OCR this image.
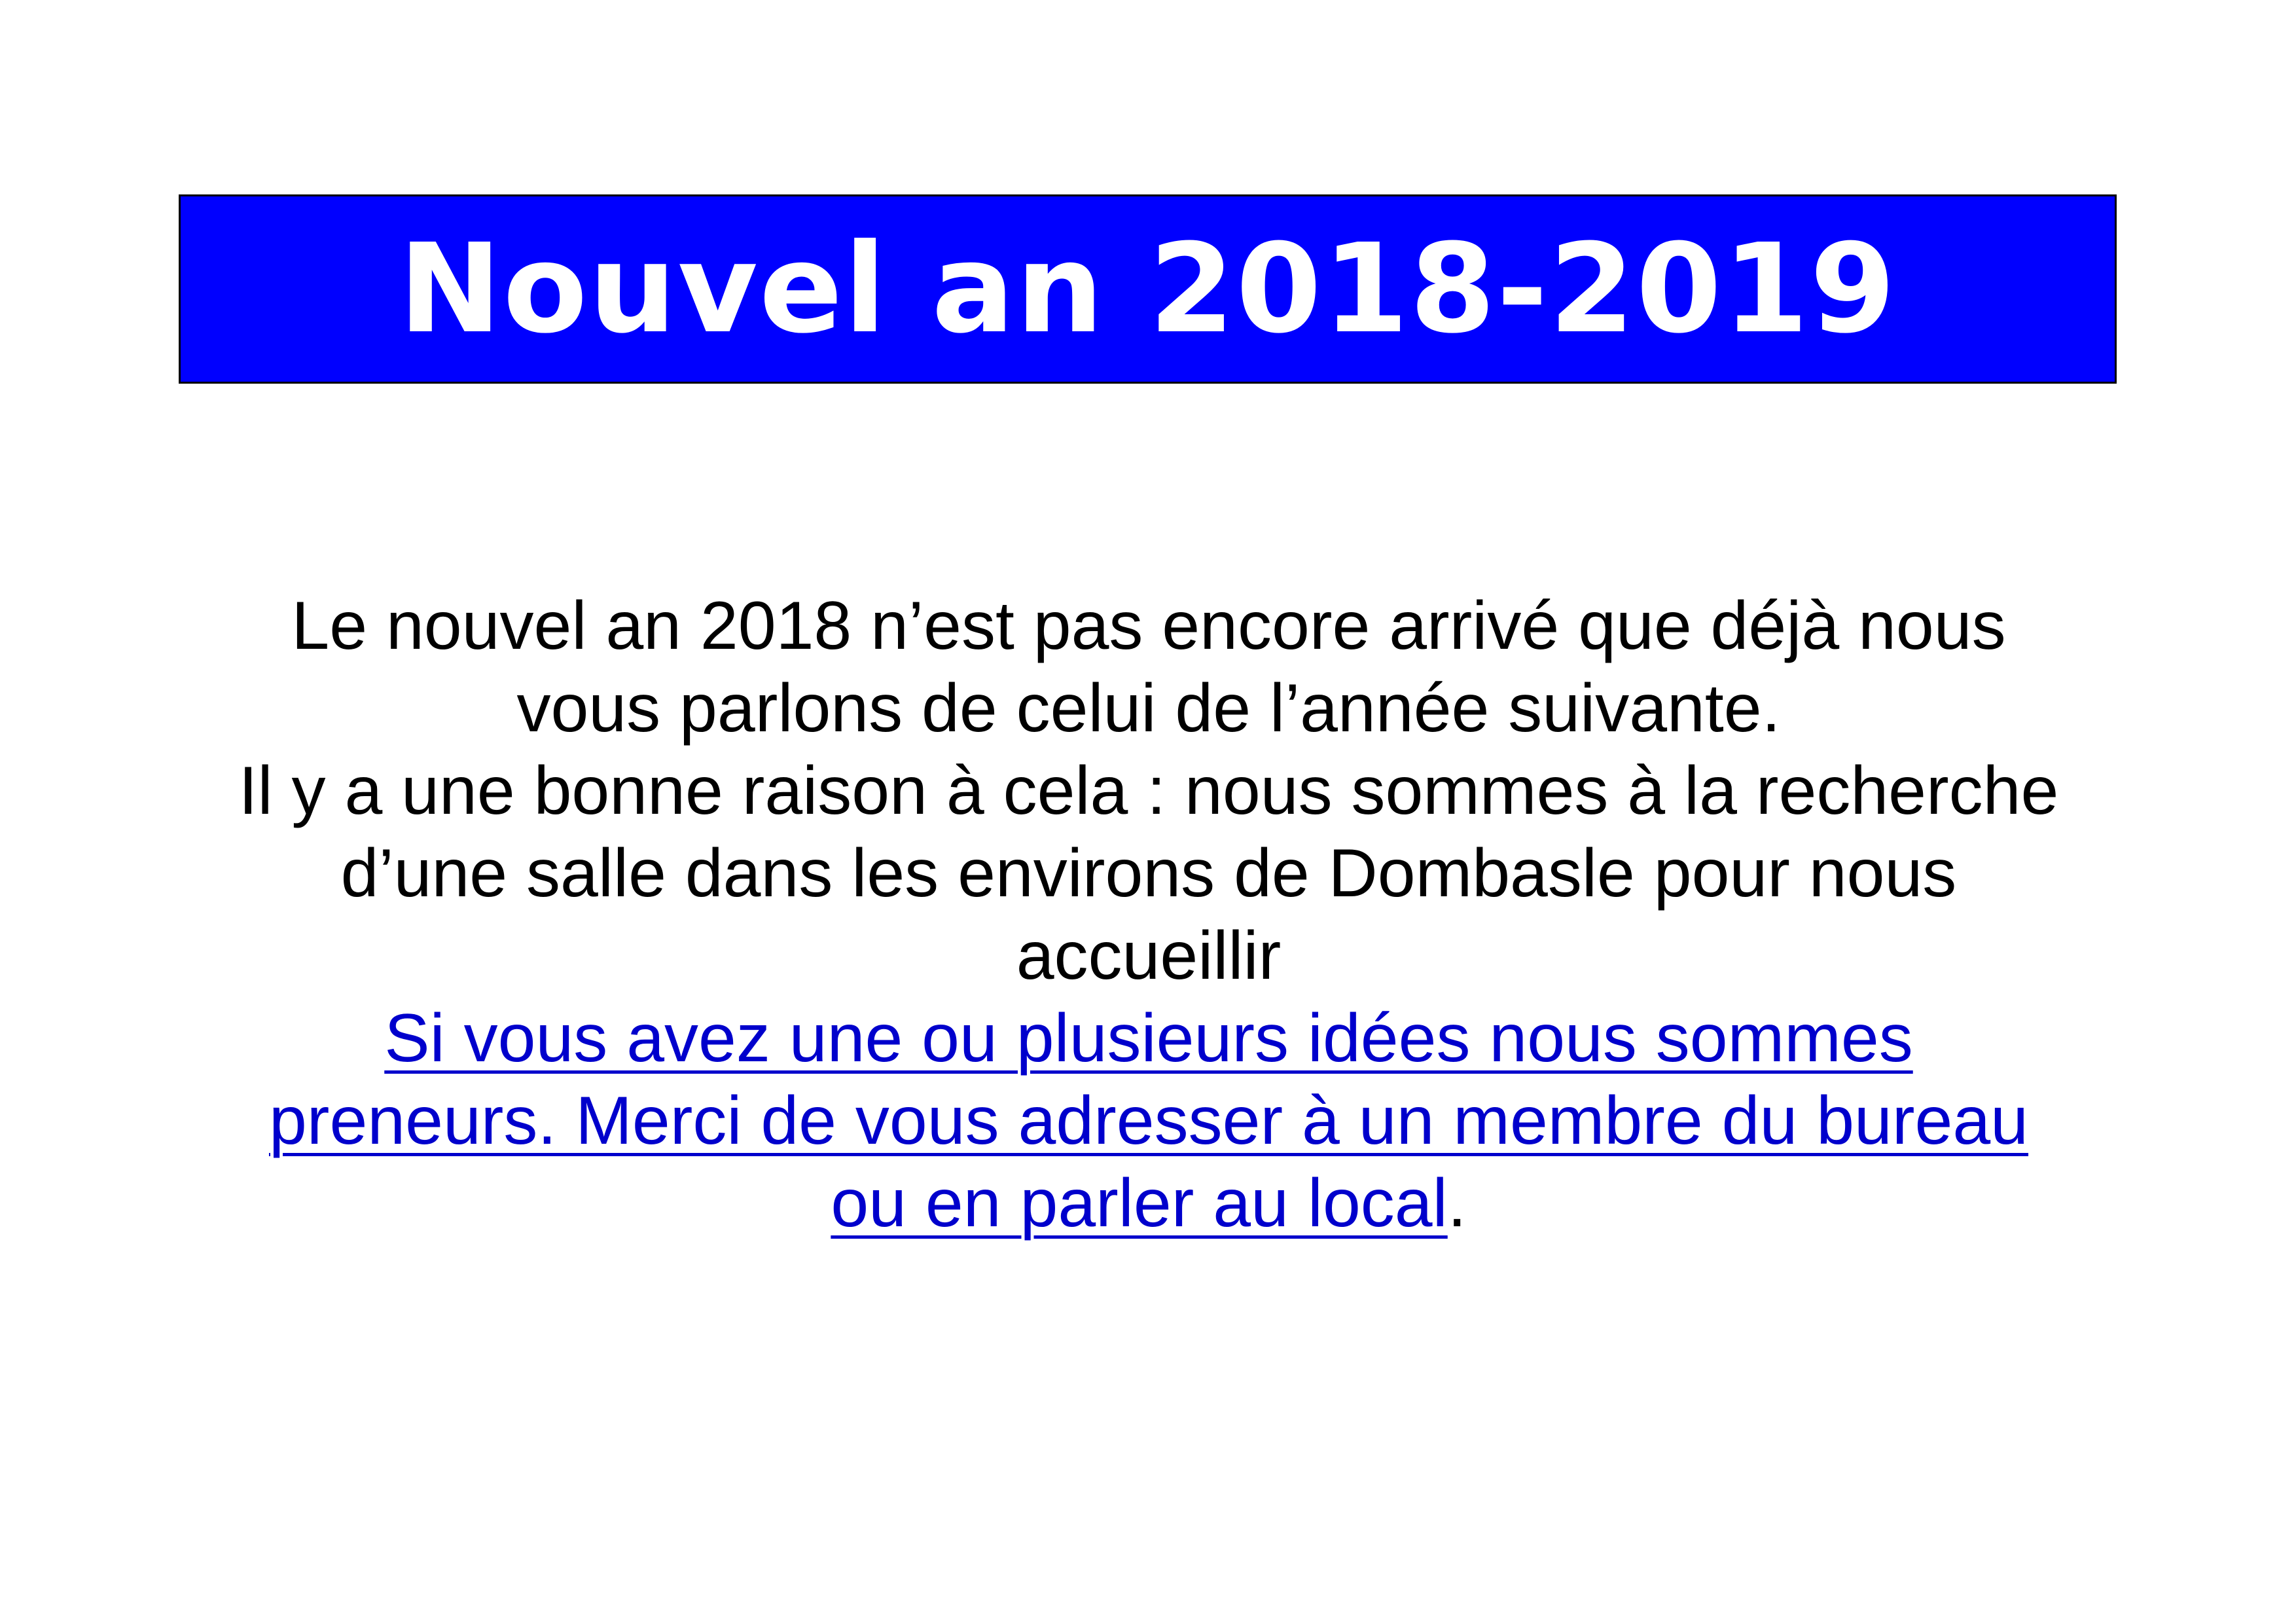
Nouvel an 2018-2019
Le nouvel an 2018 n’est pas encore arrivé que déjà nous
vous parlons de celui de l’année suivante.
Il y a une bonne raison à cela : nous sommes à la recherche
d’une salle dans les environs de Dombasle pour nous
accueillir
Si vous avez une ou plusieurs idées nous sommes
preneurs. Merci de vous adresser à un membre du bureau
ou en parler au local.
